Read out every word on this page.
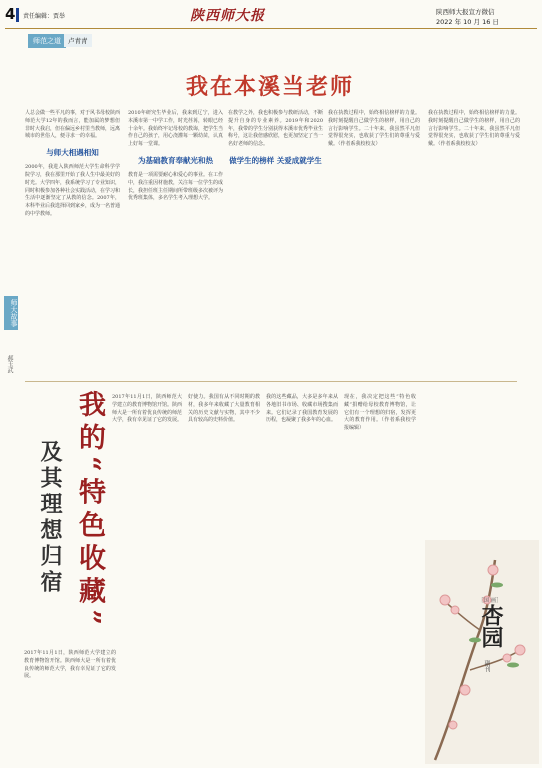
4 责任编辑：贾举	陕西师大报	陕西师大报宣方微信
2022 年 10 月 16 日
师范之道	卢青青
我在本溪当老师
人总会做一些平凡的事，对于风书母校陕西师范大学12年的我而言，能加属的梦想但非时大我启，但在偏远乡村里当教师，远离城市的世俗人，便寻求一的幸福。
与师大相遇相知
2000年，我进入陕西师范大学生命科学学院学习，我在那里开始了我人生中最美好的时光。大学四年，我系统学习了专业知识，同时积极参加各种社会实践活动，在学习和生活中逐渐坚定了从教的信念。2007年，本科毕业后我选择回到家乡，成为一名普通的中学教师。
2010年研究生毕业后，我来到辽宁，进入本溪市第一中学工作，时光荏苒，转眼已经十余年。我始终牢记母校的教诲，把学生当作自己的孩子，用心浇灌每一颗幼苗，认真上好每一堂课。
为基础教育奉献光和热
教育是一项需要耐心和爱心的事业。在工作中，我注重因材施教，关注每一位学生的成长，我担任班主任期间所带班级多次被评为优秀班集体，多名学生考入理想大学。
在教学之外，我也积极参与教研活动，不断提升自身的专业素养。2019年和2020年，我带的学生分别获得本溪市优秀毕业生称号，这让我倍感欣慰，也更加坚定了当一名好老师的信念。
做学生的榜样 关爱成就学生
我在执教过程中，始终相信榜样的力量。我时刻提醒自己做学生的榜样，用自己的言行影响学生。二十年来，我虽然平凡但觉得很充实，也收获了学生们的尊重与爱戴。（作者系我校校友）
我在执教过程中，始终相信榜样的力量。我时刻提醒自己做学生的榜样，用自己的言行影响学生。二十年来，我虽然平凡但觉得很充实，也收获了学生们的尊重与爱戴。（作者系我校校友）
师大故事
郝玉武
我的“特色收藏”
及其理想归宿
2017年11月1日，陕西师范大学建立的教育博物馆开馆。陕西师大是一所有着优良传统的师范大学，我有幸见证了它的发展。
好使力。我国有从不同时期的教材，我多年来收藏了大量教育相关的历史文献与实物，其中不少具有较高的史料价值。
我的这些藏品，大多是多年来从各地旧书市场、收藏市场搜集而来。它们记录了我国教育发展的历程，也凝聚了我多年的心血。
现在，我决定把这些“特色收藏”捐赠给母校教育博物馆，让它们有一个理想的归宿，发挥更大的教育作用。（作者系我校学报编辑）
2017年11月1日，陕西师范大学建立的教育博物馆开馆。陕西师大是一所有着优良传统的师范大学，我有幸见证了它的发展。
［国 画］
杏园
副刊
